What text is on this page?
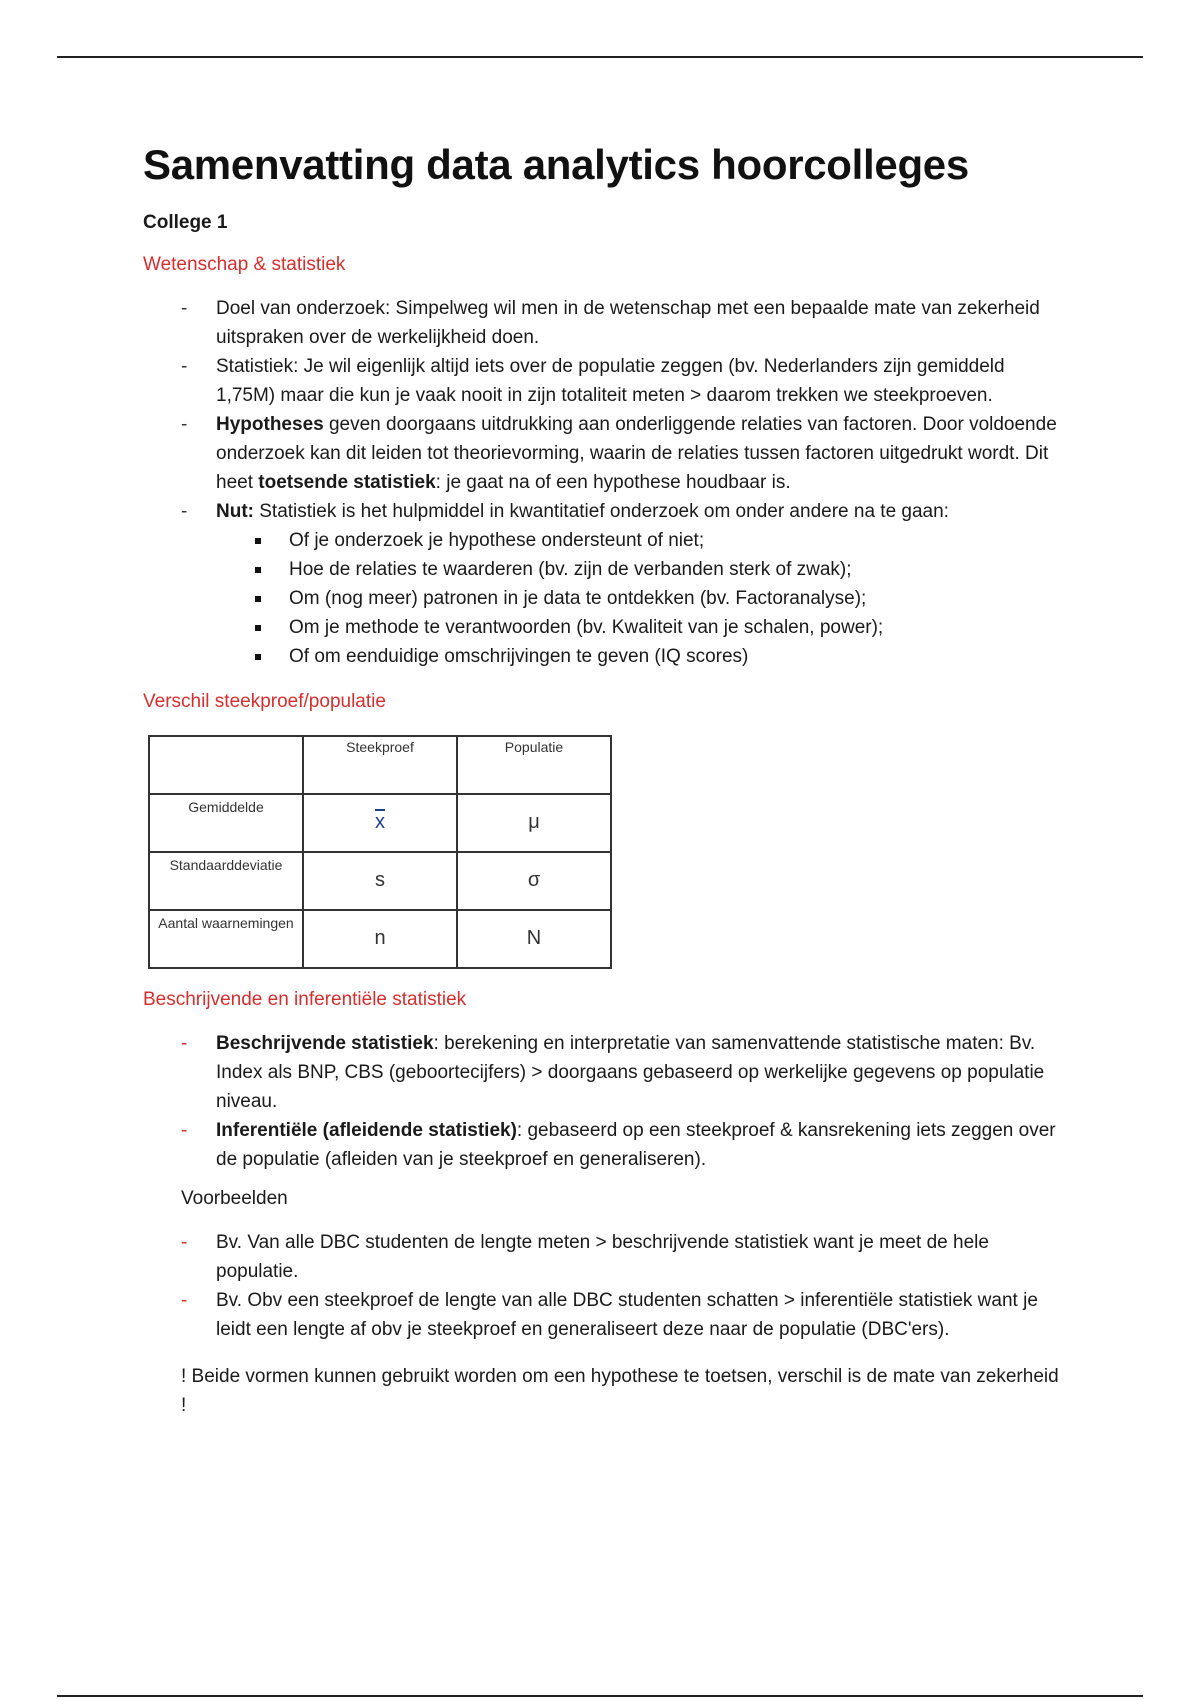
Samenvatting data analytics hoorcolleges
College 1
Wetenschap & statistiek
- Doel van onderzoek: Simpelweg wil men in de wetenschap met een bepaalde mate van zekerheid uitspraken over de werkelijkheid doen.
- Statistiek: Je wil eigenlijk altijd iets over de populatie zeggen (bv. Nederlanders zijn gemiddeld 1,75M) maar die kun je vaak nooit in zijn totaliteit meten > daarom trekken we steekproeven.
- Hypotheses geven doorgaans uitdrukking aan onderliggende relaties van factoren. Door voldoende onderzoek kan dit leiden tot theorievorming, waarin de relaties tussen factoren uitgedrukt wordt. Dit heet toetsende statistiek: je gaat na of een hypothese houdbaar is.
- Nut: Statistiek is het hulpmiddel in kwantitatief onderzoek om onder andere na te gaan:
Of je onderzoek je hypothese ondersteunt of niet;
Hoe de relaties te waarderen (bv. zijn de verbanden sterk of zwak);
Om (nog meer) patronen in je data te ontdekken (bv. Factoranalyse);
Om je methode te verantwoorden (bv. Kwaliteit van je schalen, power);
Of om eenduidige omschrijvingen te geven (IQ scores)
Verschil steekproef/populatie
	Steekproef	Populatie
Gemiddelde	$\overline{x}$	μ
Standaarddeviatie	s	σ
Aantal waarnemingen	n	N
Beschrijvende en inferentiële statistiek
- Beschrijvende statistiek: berekening en interpretatie van samenvattende statistische maten: Bv. Index als BNP, CBS (geboortecijfers) > doorgaans gebaseerd op werkelijke gegevens op populatie niveau.
- Inferentiële (afleidende statistiek): gebaseerd op een steekproef & kansrekening iets zeggen over de populatie (afleiden van je steekproef en generaliseren).
Voorbeelden
- Bv. Van alle DBC studenten de lengte meten > beschrijvende statistiek want je meet de hele populatie.
- Bv. Obv een steekproef de lengte van alle DBC studenten schatten > inferentiële statistiek want je leidt een lengte af obv je steekproef en generaliseert deze naar de populatie (DBC'ers).
! Beide vormen kunnen gebruikt worden om een hypothese te toetsen, verschil is de mate van zekerheid !
